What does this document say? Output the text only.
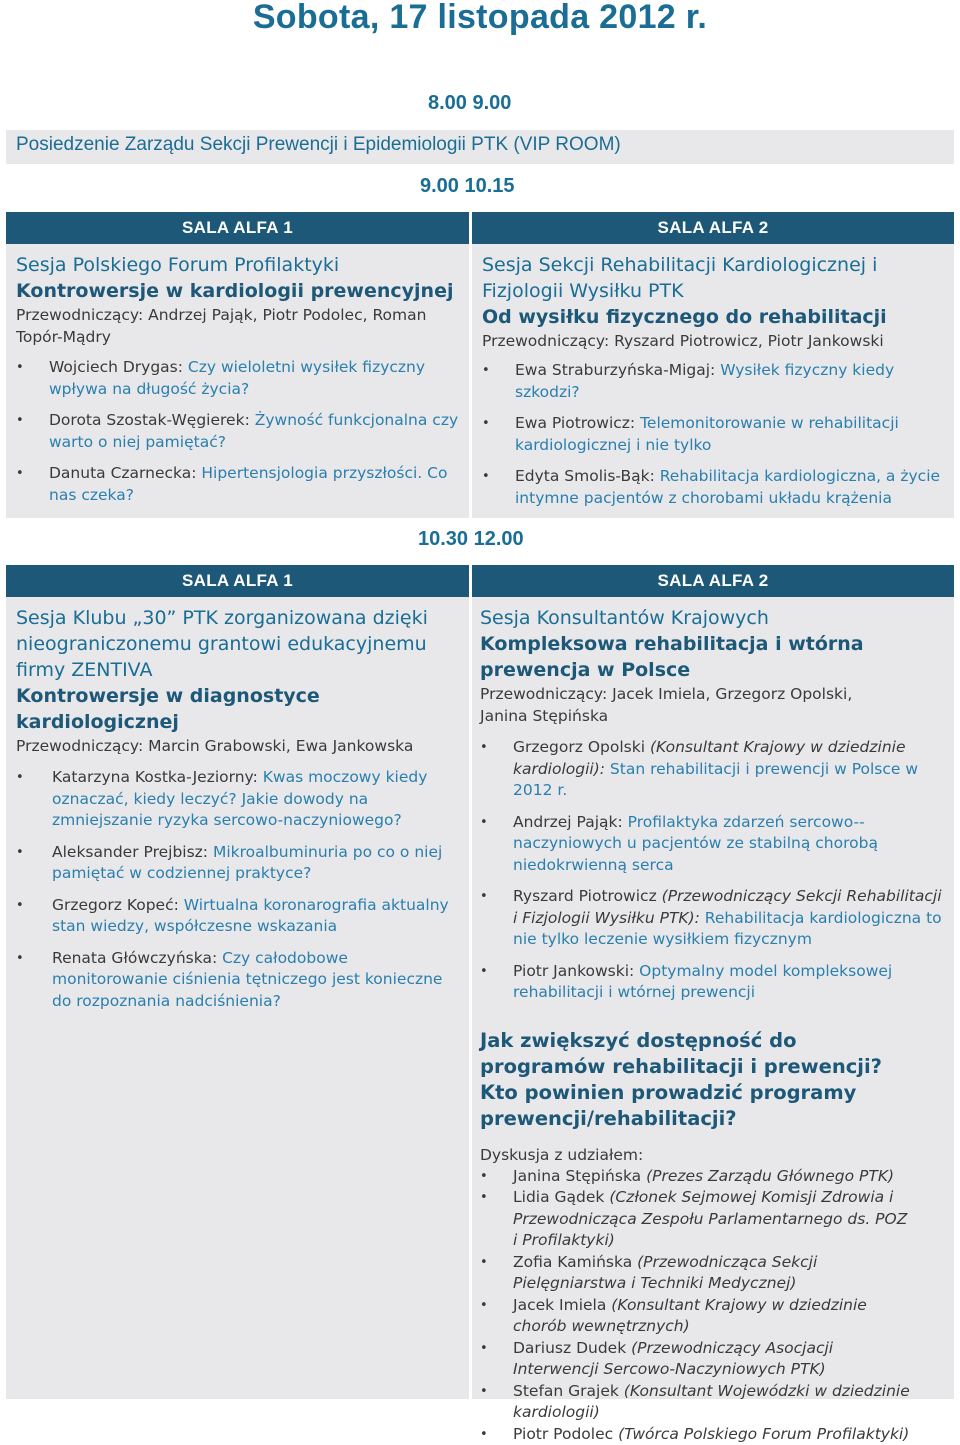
Sobota, 17 listopada 2012 r.
8.00 9.00
Posiedzenie Zarządu Sekcji Prewencji i Epidemiologii PTK (VIP ROOM)
9.00 10.15
SALA ALFA 1	SALA ALFA 2
Sesja Polskiego Forum Profilaktyki
Kontrowersje w kardiologii prewencyjnej
Przewodniczący: Andrzej Pająk, Piotr Podolec, Roman Topór-Mądry
• Wojciech Drygas: Czy wieloletni wysiłek fizyczny wpływa na długość życia?
• Dorota Szostak-Węgierek: Żywność funkcjonalna czy warto o niej pamiętać?
• Danuta Czarnecka: Hipertensjologia przyszłości. Co nas czeka?
Sesja Sekcji Rehabilitacji Kardiologicznej i Fizjologii Wysiłku PTK
Od wysiłku fizycznego do rehabilitacji
Przewodniczący: Ryszard Piotrowicz, Piotr Jankowski
• Ewa Straburzyńska-Migaj: Wysiłek fizyczny kiedy szkodzi?
• Ewa Piotrowicz: Telemonitorowanie w rehabilitacji kardiologicznej i nie tylko
• Edyta Smolis-Bąk: Rehabilitacja kardiologiczna, a życie intymne pacjentów z chorobami układu krążenia
10.30 12.00
SALA ALFA 1	SALA ALFA 2
Sesja Klubu „30” PTK zorganizowana dzięki nieograniczonemu grantowi edukacyjnemu firmy ZENTIVA
Kontrowersje w diagnostyce kardiologicznej
Przewodniczący: Marcin Grabowski, Ewa Jankowska
• Katarzyna Kostka-Jeziorny: Kwas moczowy kiedy oznaczać, kiedy leczyć? Jakie dowody na zmniejszanie ryzyka sercowo-naczyniowego?
• Aleksander Prejbisz: Mikroalbuminuria po co o niej pamiętać w codziennej praktyce?
• Grzegorz Kopeć: Wirtualna koronarografia aktualny stan wiedzy, współczesne wskazania
• Renata Główczyńska: Czy całodobowe monitorowanie ciśnienia tętniczego jest konieczne do rozpoznania nadciśnienia?
Sesja Konsultantów Krajowych
Kompleksowa rehabilitacja i wtórna prewencja w Polsce
Przewodniczący: Jacek Imiela, Grzegorz Opolski, Janina Stępińska
• Grzegorz Opolski (Konsultant Krajowy w dziedzinie kardiologii): Stan rehabilitacji i prewencji w Polsce w 2012 r.
• Andrzej Pająk: Profilaktyka zdarzeń sercowo--naczyniowych u pacjentów ze stabilną chorobą niedokrwienną serca
• Ryszard Piotrowicz (Przewodniczący Sekcji Rehabilitacji i Fizjologii Wysiłku PTK): Rehabilitacja kardiologiczna to nie tylko leczenie wysiłkiem fizycznym
• Piotr Jankowski: Optymalny model kompleksowej rehabilitacji i wtórnej prewencji
Jak zwiększyć dostępność do programów rehabilitacji i prewencji? Kto powinien prowadzić programy prewencji/rehabilitacji?
Dyskusja z udziałem:
• Janina Stępińska (Prezes Zarządu Głównego PTK)
• Lidia Gądek (Członek Sejmowej Komisji Zdrowia i Przewodnicząca Zespołu Parlamentarnego ds. POZ i Profilaktyki)
• Zofia Kamińska (Przewodnicząca Sekcji Pielęgniarstwa i Techniki Medycznej)
• Jacek Imiela (Konsultant Krajowy w dziedzinie chorób wewnętrznych)
• Dariusz Dudek (Przewodniczący Asocjacji Interwencji Sercowo-Naczyniowych PTK)
• Stefan Grajek (Konsultant Wojewódzki w dziedzinie kardiologii)
• Piotr Podolec (Twórca Polskiego Forum Profilaktyki)
